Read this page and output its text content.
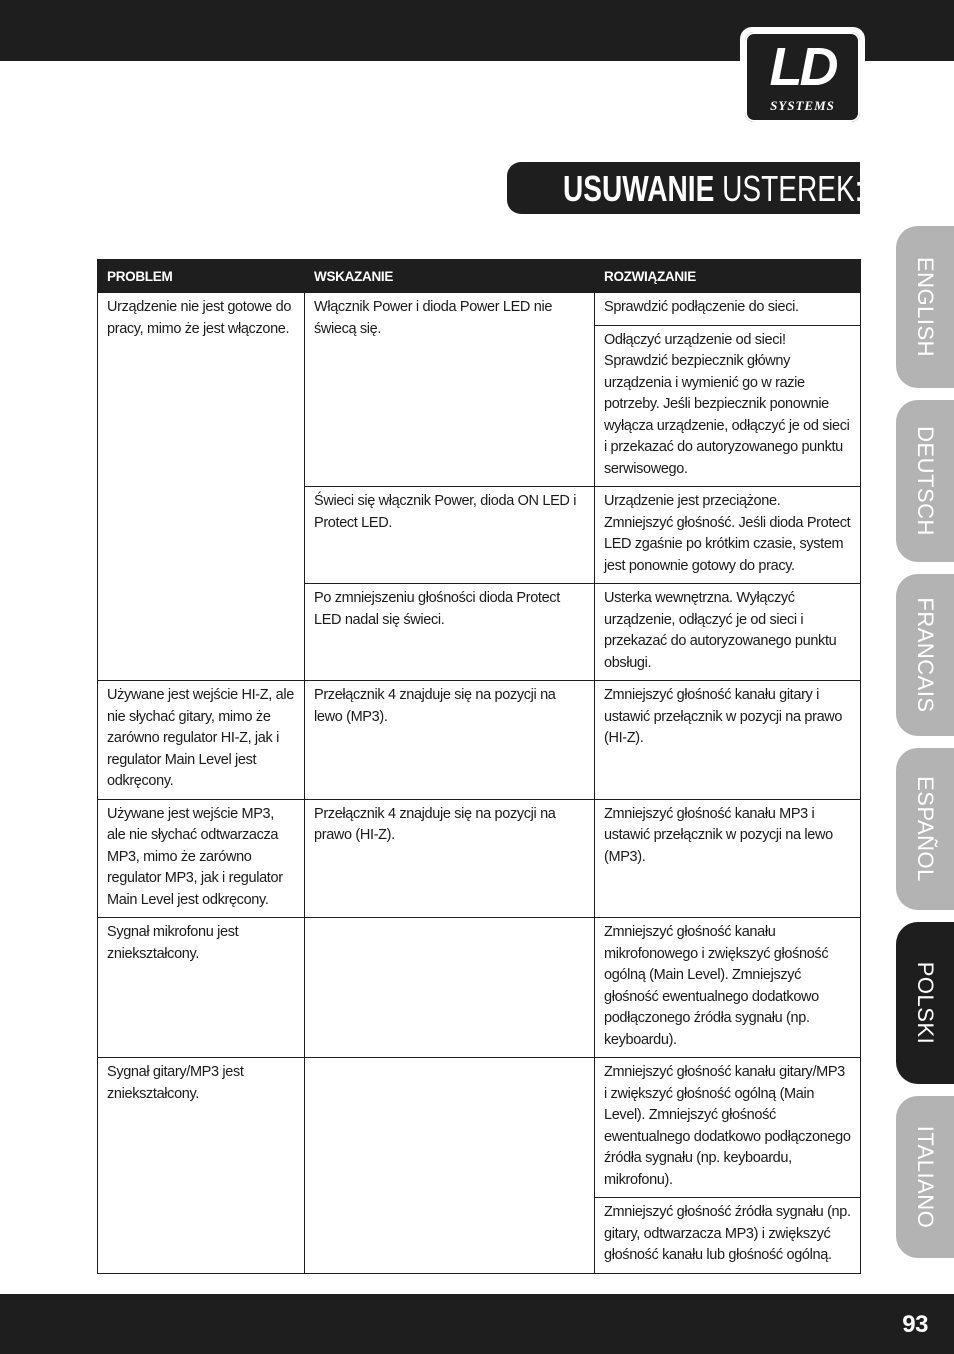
LD
SYSTEMS
USUWANIE USTEREK:
PROBLEM	WSKAZANIE	ROZWIĄZANIE
Urządzenie nie jest gotowe do pracy, mimo że jest włączone.	Włącznik Power i dioda Power LED nie świecą się.	Sprawdzić podłączenie do sieci.
		Odłączyć urządzenie od sieci! Sprawdzić bezpiecznik główny urządzenia i wymienić go w razie potrzeby. Jeśli bezpiecznik ponownie wyłącza urządzenie, odłączyć je od sieci i przekazać do autoryzowanego punktu serwisowego.
	Świeci się włącznik Power, dioda ON LED i Protect LED.	Urządzenie jest przeciążone. Zmniejszyć głośność. Jeśli dioda Protect LED zgaśnie po krótkim czasie, system jest ponownie gotowy do pracy.
	Po zmniejszeniu głośności dioda Protect LED nadal się świeci.	Usterka wewnętrzna. Wyłączyć urządzenie, odłączyć je od sieci i przekazać do autoryzowanego punktu obsługi.
Używane jest wejście HI-Z, ale nie słychać gitary, mimo że zarówno regulator HI-Z, jak i regulator Main Level jest odkręcony.	Przełącznik 4 znajduje się na pozycji na lewo (MP3).	Zmniejszyć głośność kanału gitary i ustawić przełącznik w pozycji na prawo (HI-Z).
Używane jest wejście MP3, ale nie słychać odtwarzacza MP3, mimo że zarówno regulator MP3, jak i regulator Main Level jest odkręcony.	Przełącznik 4 znajduje się na pozycji na prawo (HI-Z).	Zmniejszyć głośność kanału MP3 i ustawić przełącznik w pozycji na lewo (MP3).
Sygnał mikrofonu jest zniekształcony.		Zmniejszyć głośność kanału mikrofonowego i zwiększyć głośność ogólną (Main Level). Zmniejszyć głośność ewentualnego dodatkowo podłączonego źródła sygnału (np. keyboardu).
Sygnał gitary/MP3 jest zniekształcony.		Zmniejszyć głośność kanału gitary/MP3 i zwiększyć głośność ogólną (Main Level). Zmniejszyć głośność ewentualnego dodatkowo podłączonego źródła sygnału (np. keyboardu, mikrofonu).
		Zmniejszyć głośność źródła sygnału (np. gitary, odtwarzacza MP3) i zwiększyć głośność kanału lub głośność ogólną.
ENGLISH
DEUTSCH
FRANCAIS
ESPAÑOL
POLSKI
ITALIANO
93
